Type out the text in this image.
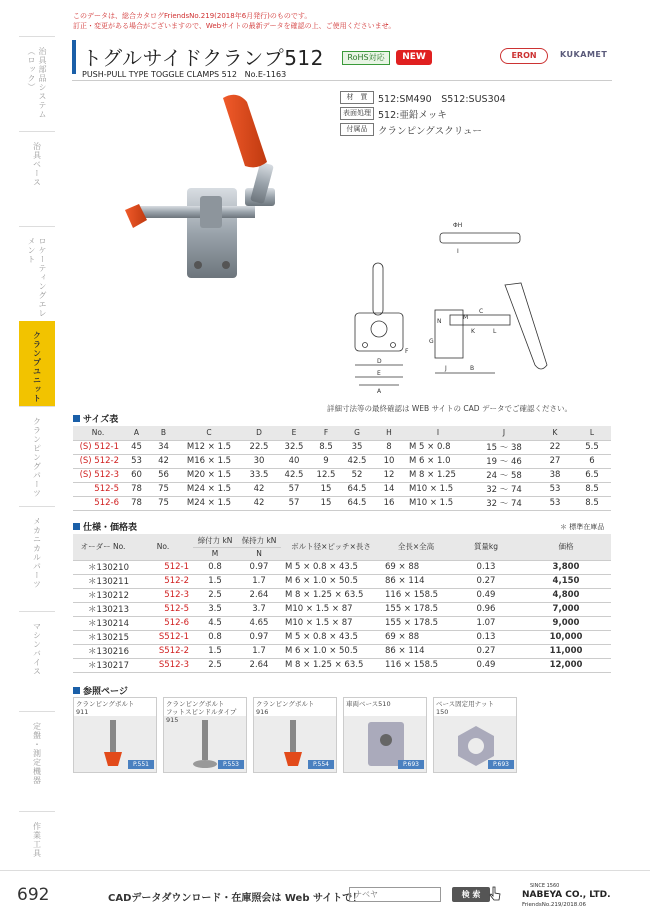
このデータは、総合カタログFriendsNo.219(2018年6月発行)のものです。
訂正・変更がある場合がございますので、Webサイトの最新データを確認の上、ご使用くださいませ。
治具部品システム（ロック）
治具ベース
ロケーティングエレメント
クランプユニット
クランピングパーツ
メカニカルパーツ
マシンバイス
定盤・測定機器
作業工具
トグルサイドクランプ512	RoHS対応	NEW
PUSH-PULL TYPE TOGGLE CLAMPS 512 No.E-1163
ERON	KUKAMET
材　質	512:SM490　S512:SUS304
表面処理 512:亜鉛メッキ
付属品	クランピングスクリュー
ΦH
I
C
K	L
N
M
G
D
E
A
F
J	B
詳細寸法等の最終確認は WEB サイトの CAD データでご確認ください。
サイズ表
No.	A	B	C	D	E	F	G	H	I	J	K	L
(S) 512-1	45	34	M12 × 1.5	22.5	32.5	8.5	35	8	M 5 × 0.8	15 ～ 38	22	5.5
(S) 512-2	53	42	M16 × 1.5	30	40	9	42.5	10	M 6 × 1.0	19 ～ 46	27	6
(S) 512-3	60	56	M20 × 1.5	33.5	42.5	12.5	52	12	M 8 × 1.25	24 ～ 58	38	6.5
512-5	78	75	M24 × 1.5	42	57	15	64.5	14	M10 × 1.5	32 ～ 74	53	8.5
512-6	78	75	M24 × 1.5	42	57	15	64.5	16	M10 × 1.5	32 ～ 74	53	8.5
仕様・価格表	＊ 標準在庫品
オーダー No.	No.	締付力 kN	保持力 kN	ボルト径×ピッチ×長さ	全長×全高	質量kg	価格
		M	N				
＊130210	512-1	0.8	0.97	M 5 × 0.8 × 43.5	69 × 88	0.13	3,800
＊130211	512-2	1.5	1.7	M 6 × 1.0 × 50.5	86 × 114	0.27	4,150
＊130212	512-3	2.5	2.64	M 8 × 1.25 × 63.5	116 × 158.5	0.49	4,800
＊130213	512-5	3.5	3.7	M10 × 1.5 × 87	155 × 178.5	0.96	7,000
＊130214	512-6	4.5	4.65	M10 × 1.5 × 87	155 × 178.5	1.07	9,000
＊130215	S512-1	0.8	0.97	M 5 × 0.8 × 43.5	69 × 88	0.13	10,000
＊130216	S512-2	1.5	1.7	M 6 × 1.0 × 50.5	86 × 114	0.27	11,000
＊130217	S512-3	2.5	2.64	M 8 × 1.25 × 63.5	116 × 158.5	0.49	12,000
参照ページ
クランピングボルト
911
P.551
クランピングボルト
フットスピンドルタイプ915
P.553
クランピングボルト
916
P.554
車両ベース510
P.693
ベース固定用ナット
150
P.693
692	CADデータダウンロード・在庫照会は Web サイトで！
ナベヤ	検 索
SINCE 1560
NABEYA CO., LTD.
FriendsNo.219/2018.06
